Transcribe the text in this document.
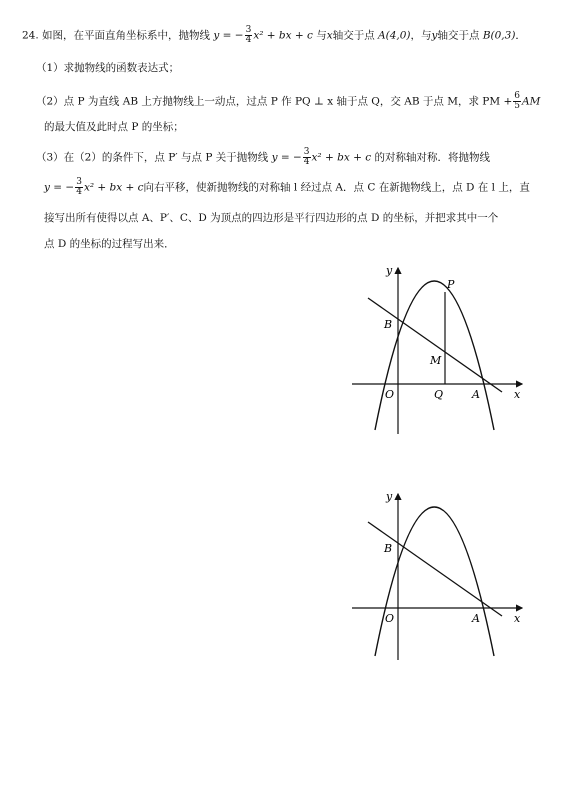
24. 如图，在平面直角坐标系中，抛物线 y = − $\frac{3}{4} x^2$ + bx + c 与x轴交于点 A(4,0)，与y轴交于点 B(0,3)．
（1）求抛物线的函数表达式；
（2）点 P 为直线 AB 上方抛物线上一动点，过点 P 作 PQ ⊥ x 轴于点 Q，交 AB 于点 M，求 PM + $\frac{6}{5}$ AM
的最大值及此时点 P 的坐标；
（3）在（2）的条件下，点 P′ 与点 P 关于抛物线 y = − $\frac{3}{4} x^2$ + bx + c 的对称轴对称．将抛物线
y = − $\frac{3}{4} x^2$ + bx + c向右平移，使新抛物线的对称轴 l 经过点 A．点 C 在新抛物线上，点 D 在 l 上，直
接写出所有使得以点 A、P′、C、D 为顶点的四边形是平行四边形的点 D 的坐标，并把求其中一个
点 D 的坐标的过程写出来．
y
x
O	A
B
P
M
Q
y
x
O	A
B
